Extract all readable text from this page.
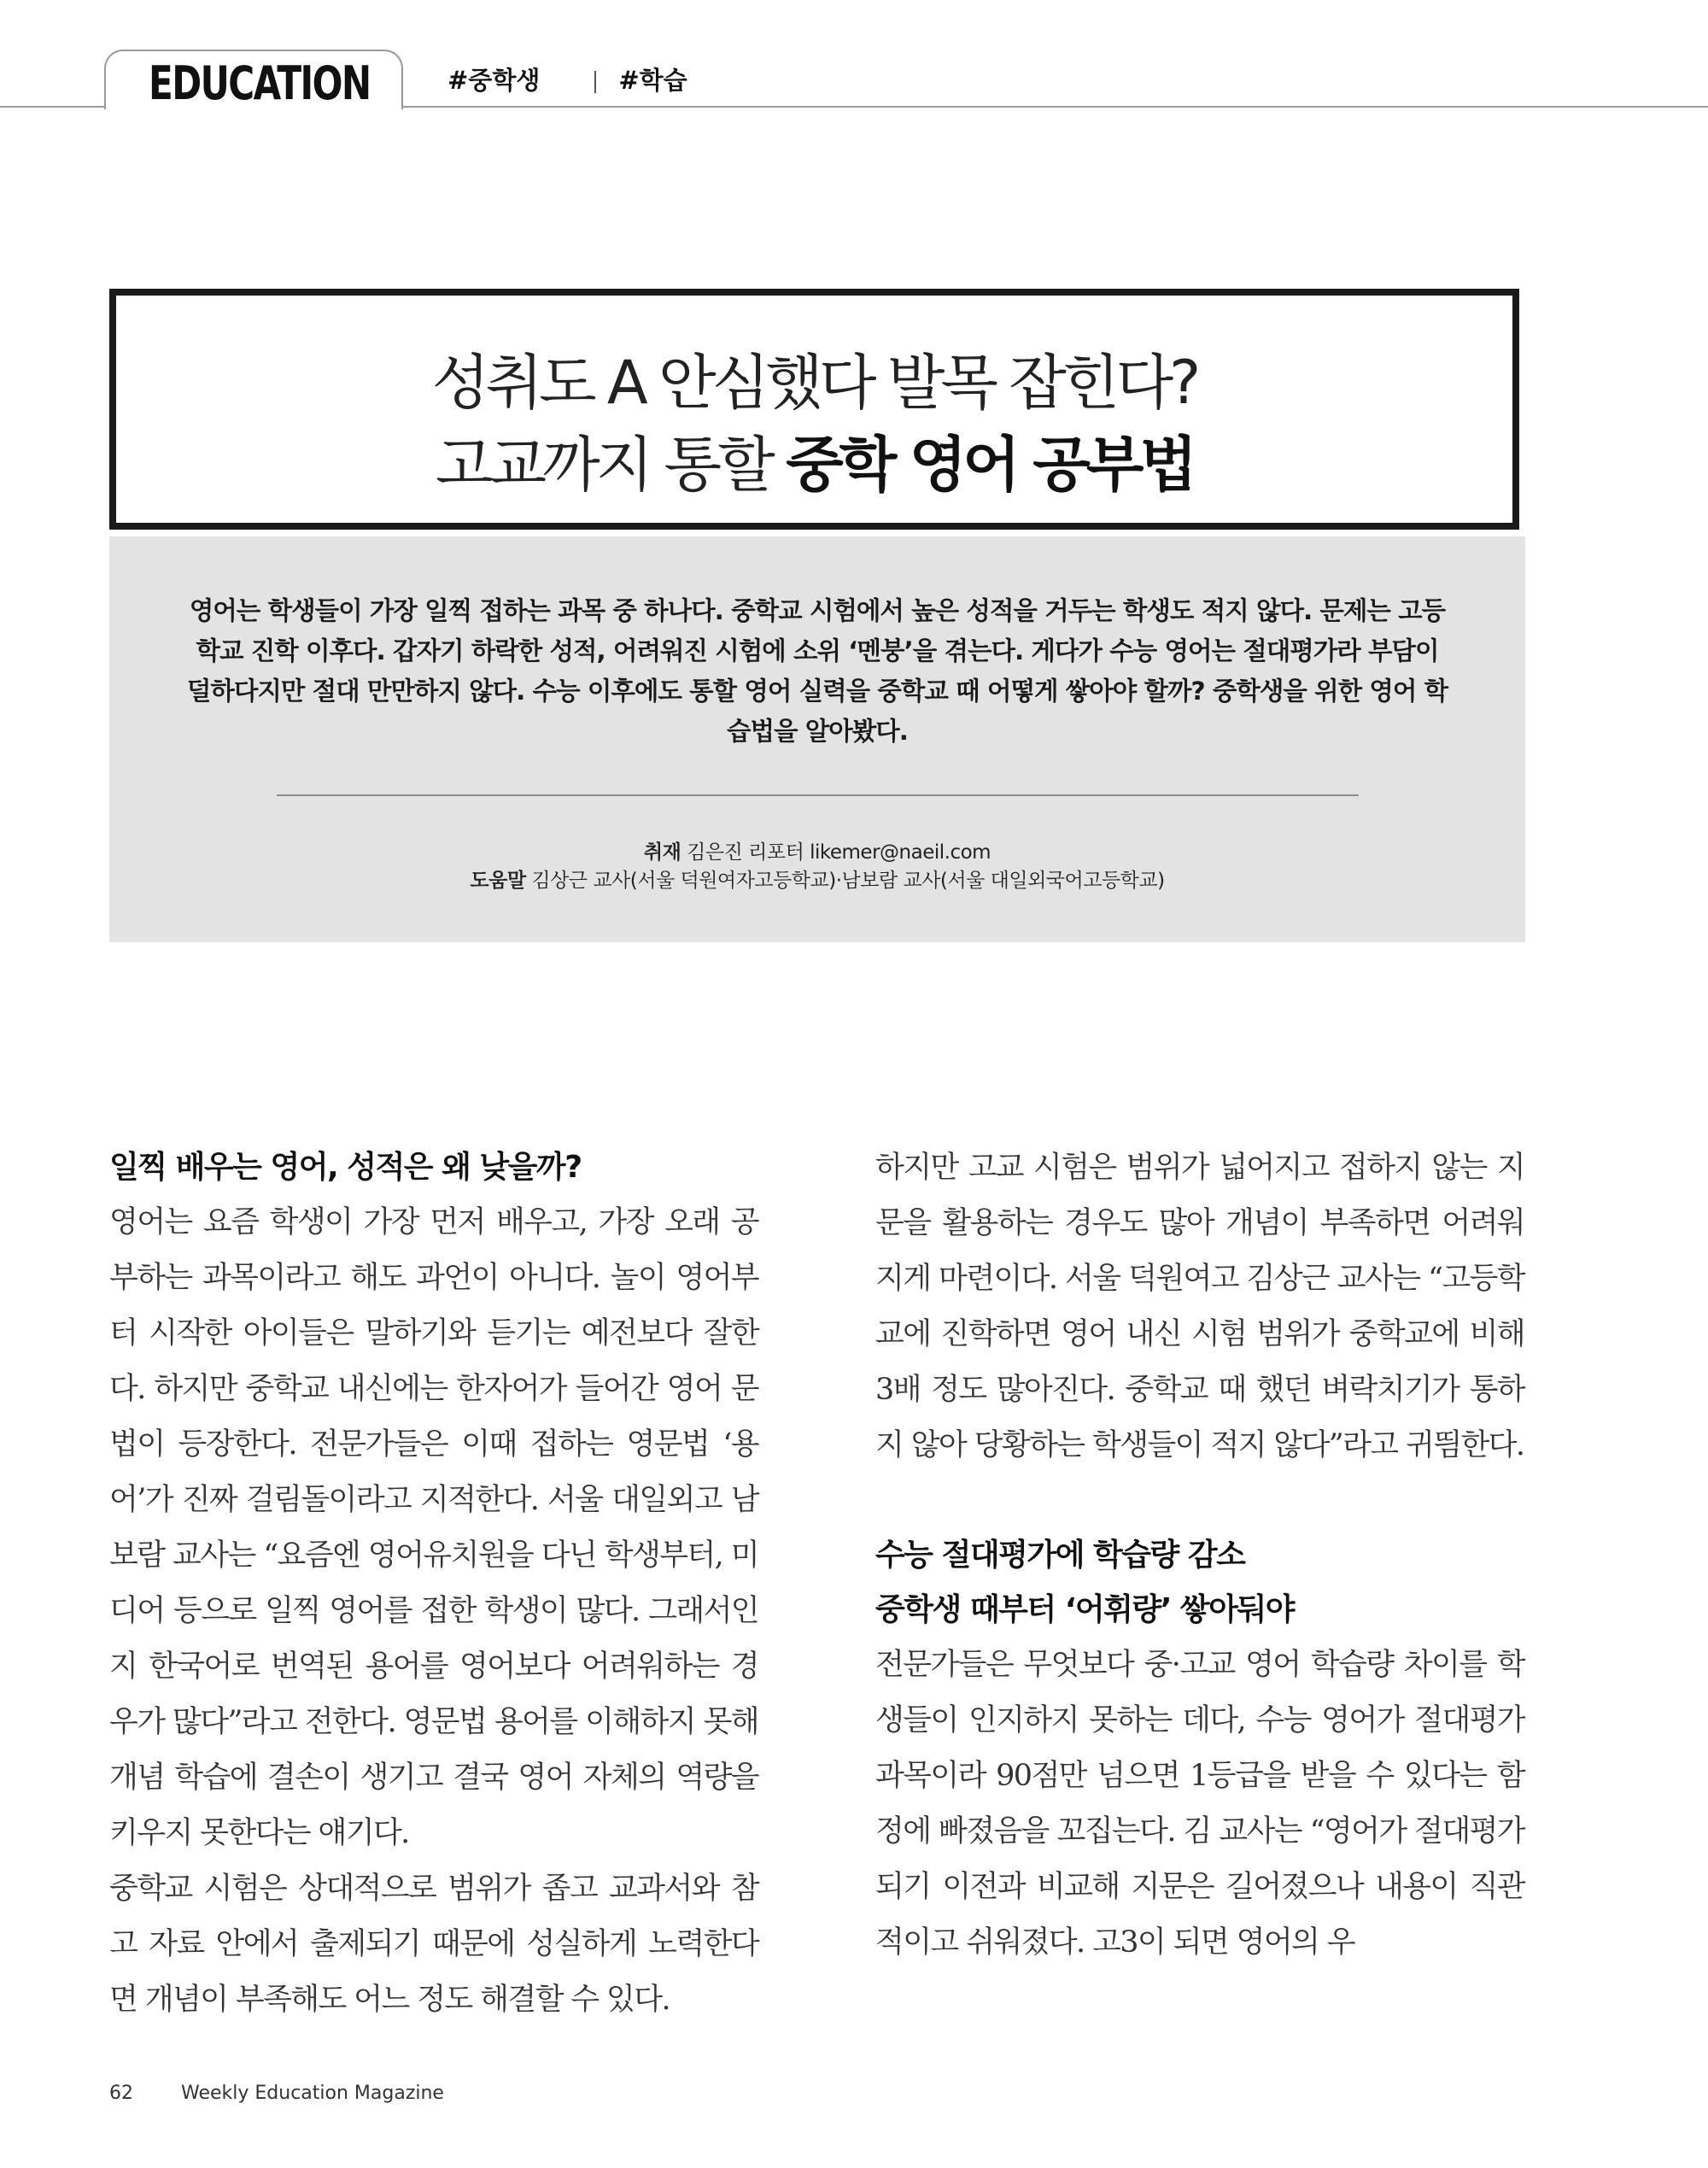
EDUCATION	#중학생	#학습
성취도 A 안심했다 발목 잡힌다?
고교까지 통할 중학 영어 공부법
영어는 학생들이 가장 일찍 접하는 과목 중 하나다. 중학교 시험에서 높은 성적을 거두는 학생도 적지 않다. 문제는 고등학교 진학 이후다. 갑자기 하락한 성적, 어려워진 시험에 소위 ‘멘붕’을 겪는다. 게다가 수능 영어는 절대평가라 부담이 덜하다지만 절대 만만하지 않다. 수능 이후에도 통할 영어 실력을 중학교 때 어떻게 쌓아야 할까? 중학생을 위한 영어 학습법을 알아봤다.
취재 김은진 리포터 likemer@naeil.com
도움말 김상근 교사(서울 덕원여자고등학교)·남보람 교사(서울 대일외국어고등학교)
일찍 배우는 영어, 성적은 왜 낮을까?
영어는 요즘 학생이 가장 먼저 배우고, 가장 오래 공부하는 과목이라고 해도 과언이 아니다. 놀이 영어부터 시작한 아이들은 말하기와 듣기는 예전보다 잘한다. 하지만 중학교 내신에는 한자어가 들어간 영어 문법이 등장한다. 전문가들은 이때 접하는 영문법 ‘용어’가 진짜 걸림돌이라고 지적한다. 서울 대일외고 남보람 교사는 “요즘엔 영어유치원을 다닌 학생부터, 미디어 등으로 일찍 영어를 접한 학생이 많다. 그래서인지 한국어로 번역된 용어를 영어보다 어려워하는 경우가 많다”라고 전한다. 영문법 용어를 이해하지 못해 개념 학습에 결손이 생기고 결국 영어 자체의 역량을 키우지 못한다는 얘기다.
중학교 시험은 상대적으로 범위가 좁고 교과서와 참고 자료 안에서 출제되기 때문에 성실하게 노력한다면 개념이 부족해도 어느 정도 해결할 수 있다.
하지만 고교 시험은 범위가 넓어지고 접하지 않는 지문을 활용하는 경우도 많아 개념이 부족하면 어려워지게 마련이다. 서울 덕원여고 김상근 교사는 “고등학교에 진학하면 영어 내신 시험 범위가 중학교에 비해 3배 정도 많아진다. 중학교 때 했던 벼락치기가 통하지 않아 당황하는 학생들이 적지 않다”라고 귀띔한다.
수능 절대평가에 학습량 감소
중학생 때부터 ‘어휘량’ 쌓아둬야
전문가들은 무엇보다 중·고교 영어 학습량 차이를 학생들이 인지하지 못하는 데다, 수능 영어가 절대평가 과목이라 90점만 넘으면 1등급을 받을 수 있다는 함정에 빠졌음을 꼬집는다. 김 교사는 “영어가 절대평가 되기 이전과 비교해 지문은 길어졌으나 내용이 직관적이고 쉬워졌다. 고3이 되면 영어의 우
62	Weekly Education Magazine
